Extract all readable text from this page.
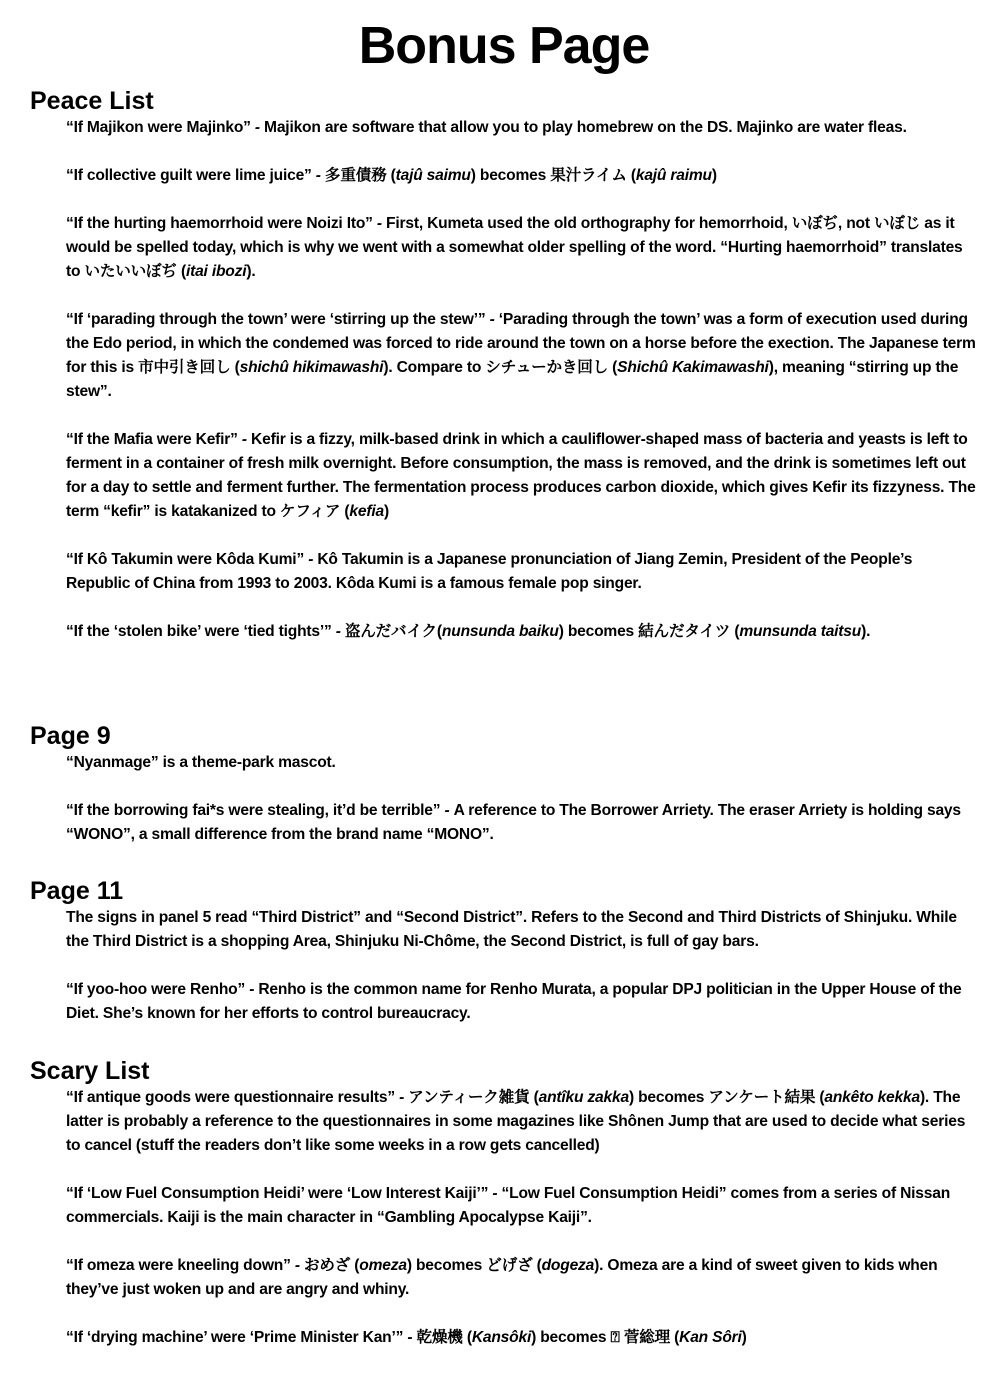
Bonus Page
Peace List

“If Majikon were Majinko” - Majikon are software that allow you to play homebrew on the DS. Majinko are water fleas.

“If collective guilt were lime juice” - 多重債務 (tajû saimu) becomes 果汁ライム (kajû raimu)

“If the hurting haemorrhoid were Noizi Ito” - First, Kumeta used the old orthography for hemorrhoid, いぼぢ, not いぼじ as it would be spelled today, which is why we went with a somewhat older spelling of the word. “Hurting haemorrhoid” translates to いたいいぼぢ (itai ibozi).

“If ‘parading through the town’ were ‘stirring up the stew’” - ‘Parading through the town’ was a form of execution used during the Edo period, in which the condemed was forced to ride around the town on a horse before the exection. The Japanese term for this is 市中引き回し (shichû hikimawashi). Compare to シチューかき回し (Shichû Kakimawashi), meaning “stirring up the stew”.

“If the Mafia were Kefir” - Kefir is a fizzy, milk-based drink in which a cauliflower-shaped mass of bacteria and yeasts is left to ferment in a container of fresh milk overnight. Before consumption, the mass is removed, and the drink is sometimes left out for a day to settle and ferment further. The fermentation process produces carbon dioxide, which gives Kefir its fizzyness. The term “kefir” is katakanized to ケフィア (kefia)

“If Kô Takumin were Kôda Kumi” - Kô Takumin is a Japanese pronunciation of Jiang Zemin, President of the People’s Republic of China from 1993 to 2003. Kôda Kumi is a famous female pop singer.

“If the ‘stolen bike’ were ‘tied tights’” - 盗んだバイク(nunsunda baiku) becomes 結んだタイツ (munsunda taitsu).

Page 9

“Nyanmage” is a theme-park mascot.

“If the borrowing fai*s were stealing, it’d be terrible” - A reference to The Borrower Arriety. The eraser Arriety is holding says “WONO”, a small difference from the brand name “MONO”.

Page 11

The signs in panel 5 read “Third District” and “Second District”. Refers to the Second and Third Districts of Shinjuku. While the Third District is a shopping Area, Shinjuku Ni-Chôme, the Second District, is full of gay bars.

“If yoo-hoo were Renho” - Renho is the common name for Renho Murata, a popular DPJ politician in the Upper House of the Diet. She’s known for her efforts to control bureaucracy.

Scary List

“If antique goods were questionnaire results” - アンティーク雑貨 (antîku zakka) becomes アンケート結果 (ankêto kekka). The latter is probably a reference to the questionnaires in some magazines like Shônen Jump that are used to decide what series to cancel (stuff the readers don’t like some weeks in a row gets cancelled)

“If ‘Low Fuel Consumption Heidi’ were ‘Low Interest Kaiji’” - “Low Fuel Consumption Heidi” comes from a series of Nissan commercials. Kaiji is the main character in “Gambling Apocalypse Kaiji”.

“If omeza were kneeling down” - おめざ (omeza) becomes どげざ (dogeza). Omeza are a kind of sweet given to kids when they’ve just woken up and are angry and whiny.

“If ‘drying machine’ were ‘Prime Minister Kan’” - 乾燥機 (Kansôki) becomes ⍰ 菅総理 (Kan Sôri)
